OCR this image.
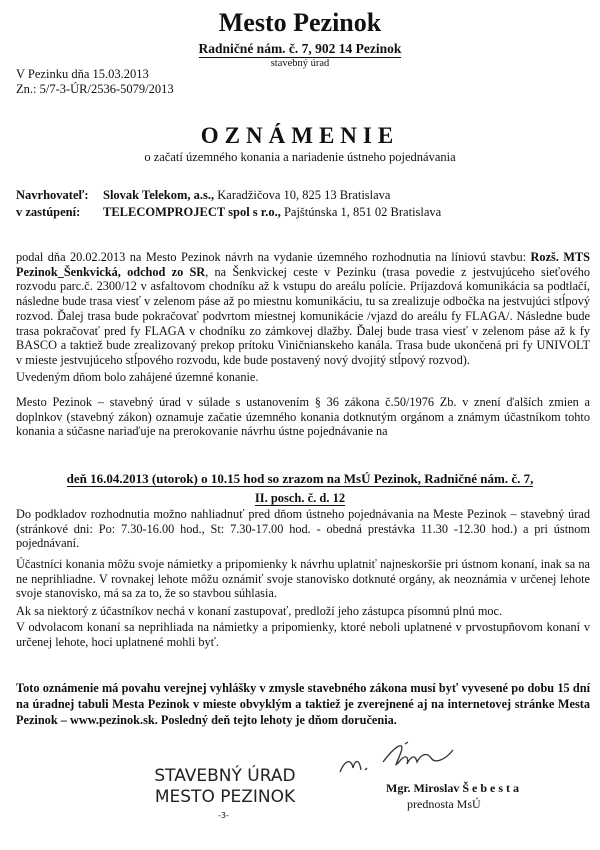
Mesto Pezinok
Radničné nám. č. 7, 902 14 Pezinok
stavebný úrad
V Pezinku dňa 15.03.2013
Zn.: 5/7-3-ÚR/2536-5079/2013
OZNÁMENIE
o začatí územného konania a nariadenie ústneho pojednávania
Navrhovateľ: Slovak Telekom, a.s., Karadžičova 10, 825 13 Bratislava
v zastúpení: TELECOMPROJECT spol s r.o., Pajštúnska 1, 851 02 Bratislava
podal dňa 20.02.2013 na Mesto Pezinok návrh na vydanie územného rozhodnutia na líniovú stavbu: Rozš. MTS Pezinok_Šenkvická, odchod zo SR, na Šenkvickej ceste v Pezinku (trasa povedie z jestvujúceho sieťového rozvodu parc.č. 2300/12 v asfaltovom chodníku až k vstupu do areálu polície. Príjazdová komunikácia sa podtlačí, následne bude trasa viesť v zelenom páse až po miestnu komunikáciu, tu sa zrealizuje odbočka na jestvujúci stĺpový rozvod. Ďalej trasa bude pokračovať podvrtom miestnej komunikácie /vjazd do areálu fy FLAGA/. Následne bude trasa pokračovať pred fy FLAGA v chodníku zo zámkovej dlažby. Ďalej bude trasa viesť v zelenom páse až k fy BASCO a taktiež bude zrealizovaný prekop prítoku Viničnianskeho kanála. Trasa bude ukončená pri fy UNIVOLT v mieste jestvujúceho stĺpového rozvodu, kde bude postavený nový dvojitý stĺpový rozvod).
Uvedeným dňom bolo zahájené územné konanie.
Mesto Pezinok – stavebný úrad v súlade s ustanovením § 36 zákona č.50/1976 Zb. v znení ďalších zmien a doplnkov (stavebný zákon) oznamuje začatie územného konania dotknutým orgánom a známym účastníkom tohto konania a súčasne nariaďuje na prerokovanie návrhu ústne pojednávanie na
deň 16.04.2013 (utorok) o 10.15 hod so zrazom na MsÚ Pezinok, Radničné nám. č. 7,
II. posch. č. d. 12
Do podkladov rozhodnutia možno nahliadnuť pred dňom ústneho pojednávania na Meste Pezinok – stavebný úrad (stránkové dni: Po: 7.30-16.00 hod., St: 7.30-17.00 hod. - obedná prestávka 11.30 -12.30 hod.) a pri ústnom pojednávaní.
Účastníci konania môžu svoje námietky a pripomienky k návrhu uplatniť najneskoršie pri ústnom konaní, inak sa na ne neprihliadne. V rovnakej lehote môžu oznámiť svoje stanovisko dotknuté orgány, ak neoznámia v určenej lehote svoje stanovisko, má sa za to, že so stavbou súhlasia.
Ak sa niektorý z účastníkov nechá v konaní zastupovať, predloží jeho zástupca písomnú plnú moc.
V odvolacom konaní sa neprihliada na námietky a pripomienky, ktoré neboli uplatnené v prvostupňovom konaní v určenej lehote, hoci uplatnené mohli byť.
Toto oznámenie má povahu verejnej vyhlášky v zmysle stavebného zákona musí byť vyvesené po dobu 15 dní na úradnej tabuli Mesta Pezinok v mieste obvyklým a taktiež je zverejnené aj na internetovej stránke Mesta Pezinok – www.pezinok.sk. Posledný deň tejto lehoty je dňom doručenia.
STAVEBNÝ ÚRAD
MESTO PEZINOK
-3-
Mgr. Miroslav Š e b e s t a
prednosta MsÚ
